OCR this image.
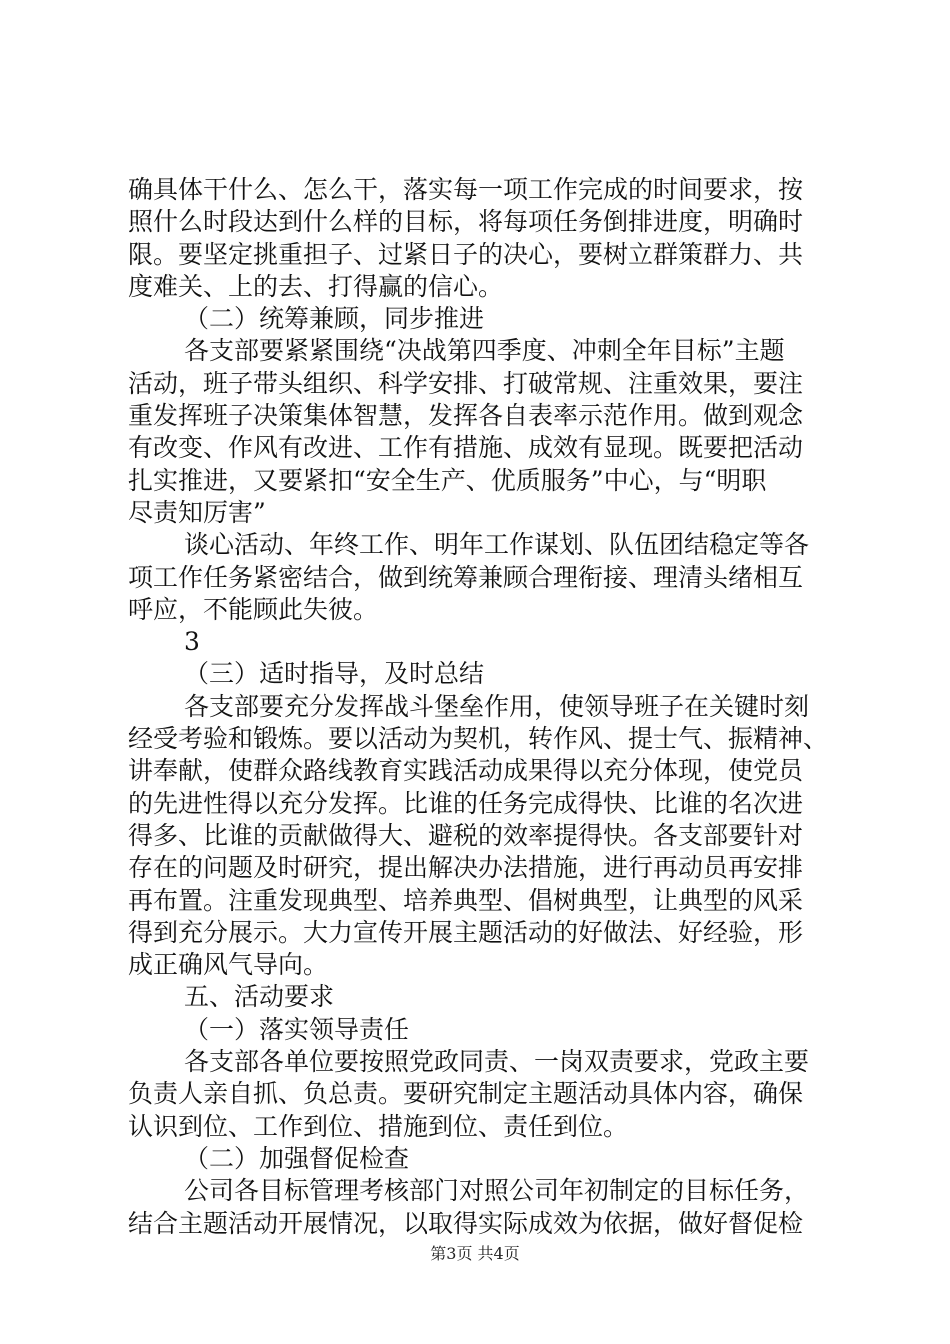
确具体干什么、怎么干，落实每一项工作完成的时间要求，按

照什么时段达到什么样的目标，将每项任务倒排进度，明确时

限。要坚定挑重担子、过紧日子的决心，要树立群策群力、共

度难关、上的去、打得赢的信心。

（二）统筹兼顾，同步推进

各支部要紧紧围绕“决战第四季度、冲刺全年目标”主题

活动，班子带头组织、科学安排、打破常规、注重效果，要注

重发挥班子决策集体智慧，发挥各自表率示范作用。做到观念

有改变、作风有改进、工作有措施、成效有显现。既要把活动

扎实推进，又要紧扣“安全生产、优质服务”中心，与“明职

尽责知厉害”

谈心活动、年终工作、明年工作谋划、队伍团结稳定等各

项工作任务紧密结合，做到统筹兼顾合理衔接、理清头绪相互

呼应，不能顾此失彼。

3

（三）适时指导，及时总结

各支部要充分发挥战斗堡垒作用，使领导班子在关键时刻

经受考验和锻炼。要以活动为契机，转作风、提士气、振精神、

讲奉献，使群众路线教育实践活动成果得以充分体现，使党员

的先进性得以充分发挥。比谁的任务完成得快、比谁的名次进

得多、比谁的贡献做得大、避税的效率提得快。各支部要针对

存在的问题及时研究，提出解决办法措施，进行再动员再安排

再布置。注重发现典型、培养典型、倡树典型，让典型的风采

得到充分展示。大力宣传开展主题活动的好做法、好经验，形

成正确风气导向。

五、活动要求

（一）落实领导责任

各支部各单位要按照党政同责、一岗双责要求，党政主要

负责人亲自抓、负总责。要研究制定主题活动具体内容，确保

认识到位、工作到位、措施到位、责任到位。

（二）加强督促检查

公司各目标管理考核部门对照公司年初制定的目标任务，

结合主题活动开展情况，以取得实际成效为依据，做好督促检

第3页 共4页
